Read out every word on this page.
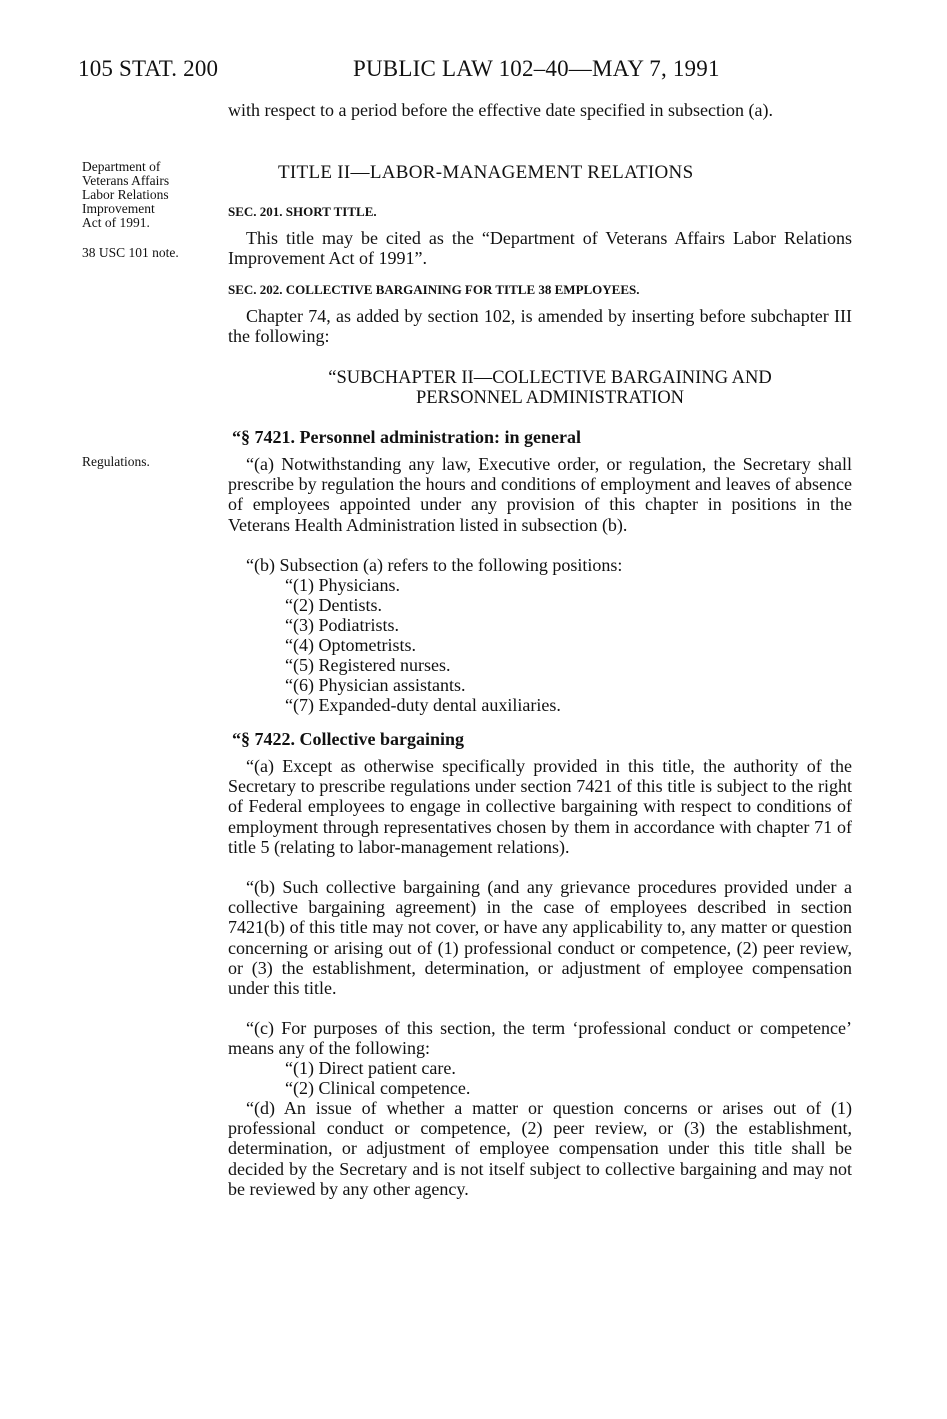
105 STAT. 200	PUBLIC LAW 102–40—MAY 7, 1991
with respect to a period before the effective date specified in subsection (a).
Department of
Veterans Affairs
Labor Relations
Improvement
Act of 1991.
38 USC 101 note.
Regulations.
TITLE II—LABOR-MANAGEMENT RELATIONS
SEC. 201. SHORT TITLE.
This title may be cited as the “Department of Veterans Affairs Labor Relations Improvement Act of 1991”.
SEC. 202. COLLECTIVE BARGAINING FOR TITLE 38 EMPLOYEES.
Chapter 74, as added by section 102, is amended by inserting before subchapter III the following:
“SUBCHAPTER II—COLLECTIVE BARGAINING AND
PERSONNEL ADMINISTRATION
“§ 7421. Personnel administration: in general
“(a) Notwithstanding any law, Executive order, or regulation, the Secretary shall prescribe by regulation the hours and conditions of employment and leaves of absence of employees appointed under any provision of this chapter in positions in the Veterans Health Administration listed in subsection (b).
“(b) Subsection (a) refers to the following positions:
“(1) Physicians.
“(2) Dentists.
“(3) Podiatrists.
“(4) Optometrists.
“(5) Registered nurses.
“(6) Physician assistants.
“(7) Expanded-duty dental auxiliaries.
“§ 7422. Collective bargaining
“(a) Except as otherwise specifically provided in this title, the authority of the Secretary to prescribe regulations under section 7421 of this title is subject to the right of Federal employees to engage in collective bargaining with respect to conditions of employment through representatives chosen by them in accordance with chapter 71 of title 5 (relating to labor-management relations).
“(b) Such collective bargaining (and any grievance procedures provided under a collective bargaining agreement) in the case of employees described in section 7421(b) of this title may not cover, or have any applicability to, any matter or question concerning or arising out of (1) professional conduct or competence, (2) peer review, or (3) the establishment, determination, or adjustment of employee compensation under this title.
“(c) For purposes of this section, the term ‘professional conduct or competence’ means any of the following:
“(1) Direct patient care.
“(2) Clinical competence.
“(d) An issue of whether a matter or question concerns or arises out of (1) professional conduct or competence, (2) peer review, or (3) the establishment, determination, or adjustment of employee compensation under this title shall be decided by the Secretary and is not itself subject to collective bargaining and may not be reviewed by any other agency.
